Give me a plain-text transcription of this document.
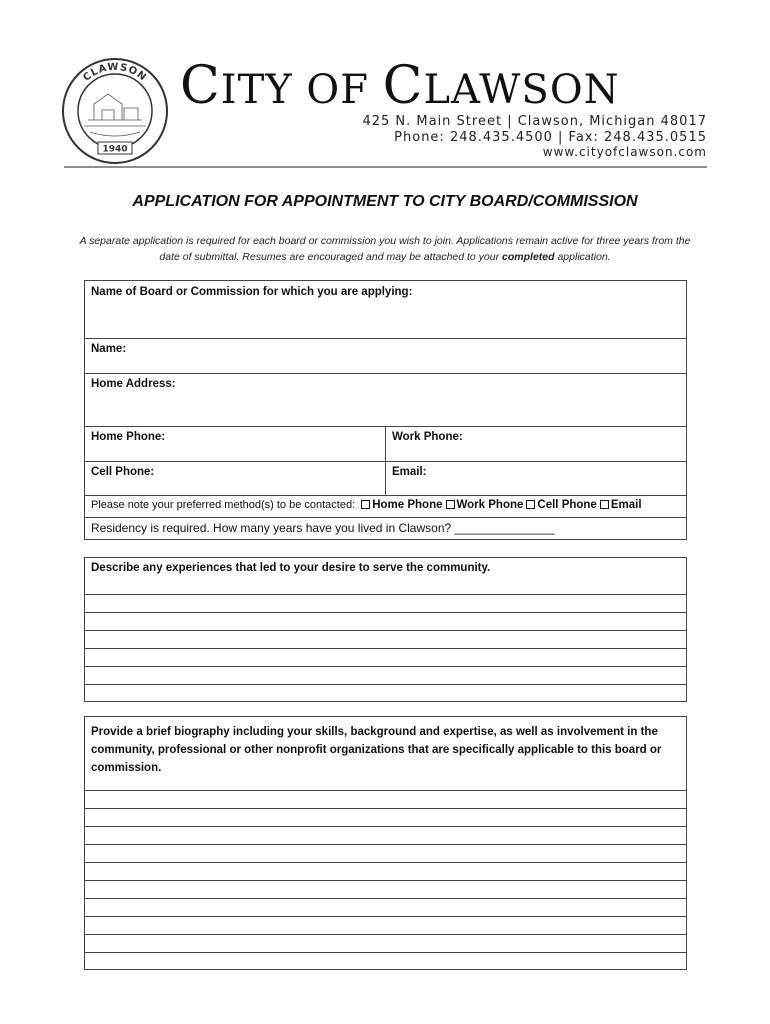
CLAWSON
1940
CITY OF CLAWSON
425 N. Main Street | Clawson, Michigan 48017
Phone: 248.435.4500 | Fax: 248.435.0515
www.cityofclawson.com
APPLICATION FOR APPOINTMENT TO CITY BOARD/COMMISSION
A separate application is required for each board or commission you wish to join. Applications remain active for three years from the
date of submittal. Resumes are encouraged and may be attached to your completed application.
Name of Board or Commission for which you are applying:
Name:
Home Address:
Home Phone:	Work Phone:
Cell Phone:	Email:
Please note your preferred method(s) to be contacted: Home Phone Work Phone Cell Phone Email
Residency is required. How many years have you lived in Clawson? _______________
Describe any experiences that led to your desire to serve the community.
Provide a brief biography including your skills, background and expertise, as well as involvement in the community, professional or other nonprofit organizations that are specifically applicable to this board or commission.
